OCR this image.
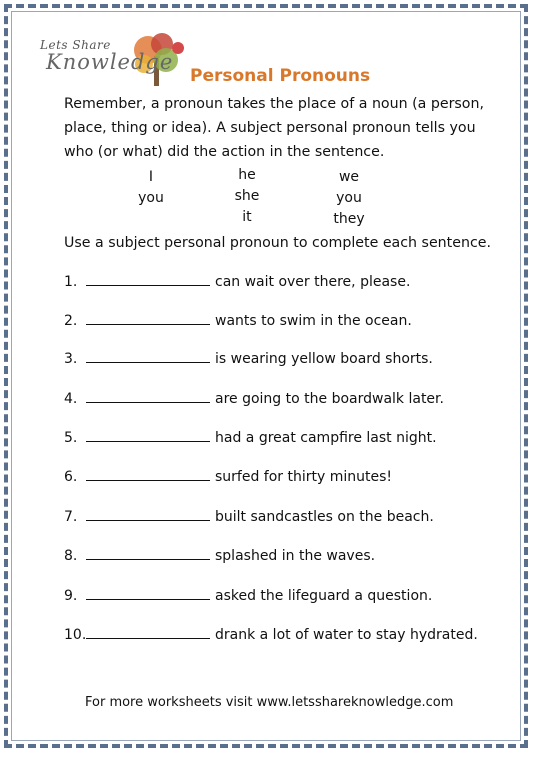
Lets Share
Knowledge
Personal Pronouns
Remember, a pronoun takes the place of a noun (a person,
place, thing or idea). A subject personal pronoun tells you
who (or what) did the action in the sentence.
I
you
he
she
it
we
you
they
Use a subject personal pronoun to complete each sentence.
1.	can wait over there, please.
2.	wants to swim in the ocean.
3.	is wearing yellow board shorts.
4.	are going to the boardwalk later.
5.	had a great campfire last night.
6.	surfed for thirty minutes!
7.	built sandcastles on the beach.
8.	splashed in the waves.
9.	asked the lifeguard a question.
10.	drank a lot of water to stay hydrated.
For more worksheets visit www.letsshareknowledge.com
